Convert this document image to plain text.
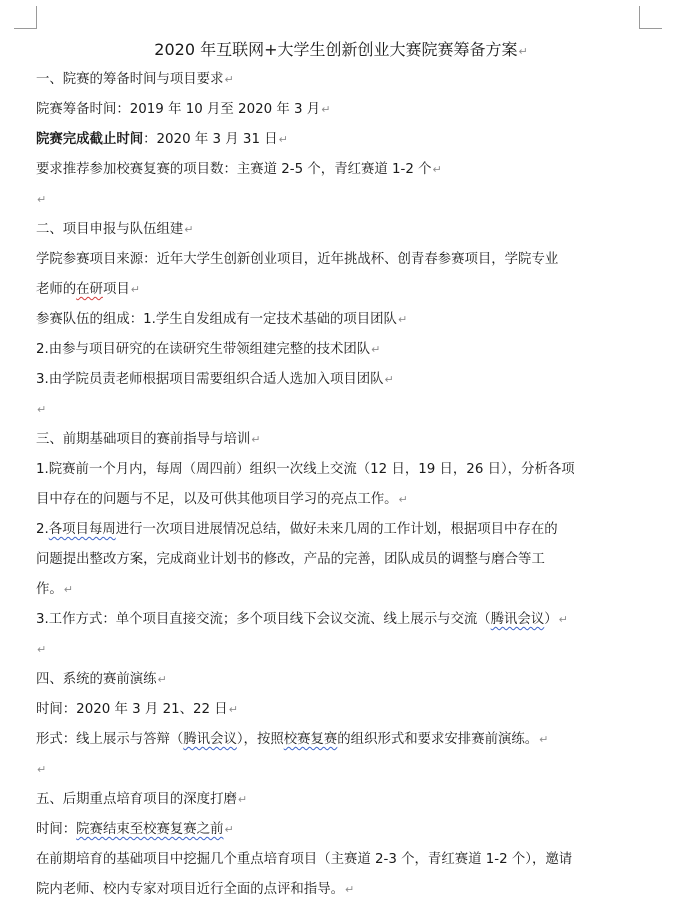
2020 年互联网+大学生创新创业大赛院赛筹备方案↵
一、院赛的筹备时间与项目要求↵
院赛筹备时间：2019 年 10 月至 2020 年 3 月↵
院赛完成截止时间：2020 年 3 月 31 日↵
要求推荐参加校赛复赛的项目数：主赛道 2-5 个，青红赛道 1-2 个↵
↵
二、项目申报与队伍组建↵
学院参赛项目来源：近年大学生创新创业项目，近年挑战杯、创青春参赛项目，学院专业
老师的在研项目↵
参赛队伍的组成：1.学生自发组成有一定技术基础的项目团队↵
2.由参与项目研究的在读研究生带领组建完整的技术团队↵
3.由学院员责老师根据项目需要组织合适人选加入项目团队↵
↵
三、前期基础项目的赛前指导与培训↵
1.院赛前一个月内，每周（周四前）组织一次线上交流（12 日，19 日，26 日），分析各项
目中存在的问题与不足，以及可供其他项目学习的亮点工作。↵
2.各项目每周进行一次项目进展情况总结，做好未来几周的工作计划，根据项目中存在的
问题提出整改方案，完成商业计划书的修改，产品的完善，团队成员的调整与磨合等工
作。↵
3.工作方式：单个项目直接交流；多个项目线下会议交流、线上展示与交流（腾讯会议）↵
↵
四、系统的赛前演练↵
时间：2020 年 3 月 21、22 日↵
形式：线上展示与答辩（腾讯会议），按照校赛复赛的组织形式和要求安排赛前演练。↵
↵
五、后期重点培育项目的深度打磨↵
时间：院赛结束至校赛复赛之前↵
在前期培育的基础项目中挖掘几个重点培育项目（主赛道 2-3 个，青红赛道 1-2 个），邀请
院内老师、校内专家对项目近行全面的点评和指导。↵
